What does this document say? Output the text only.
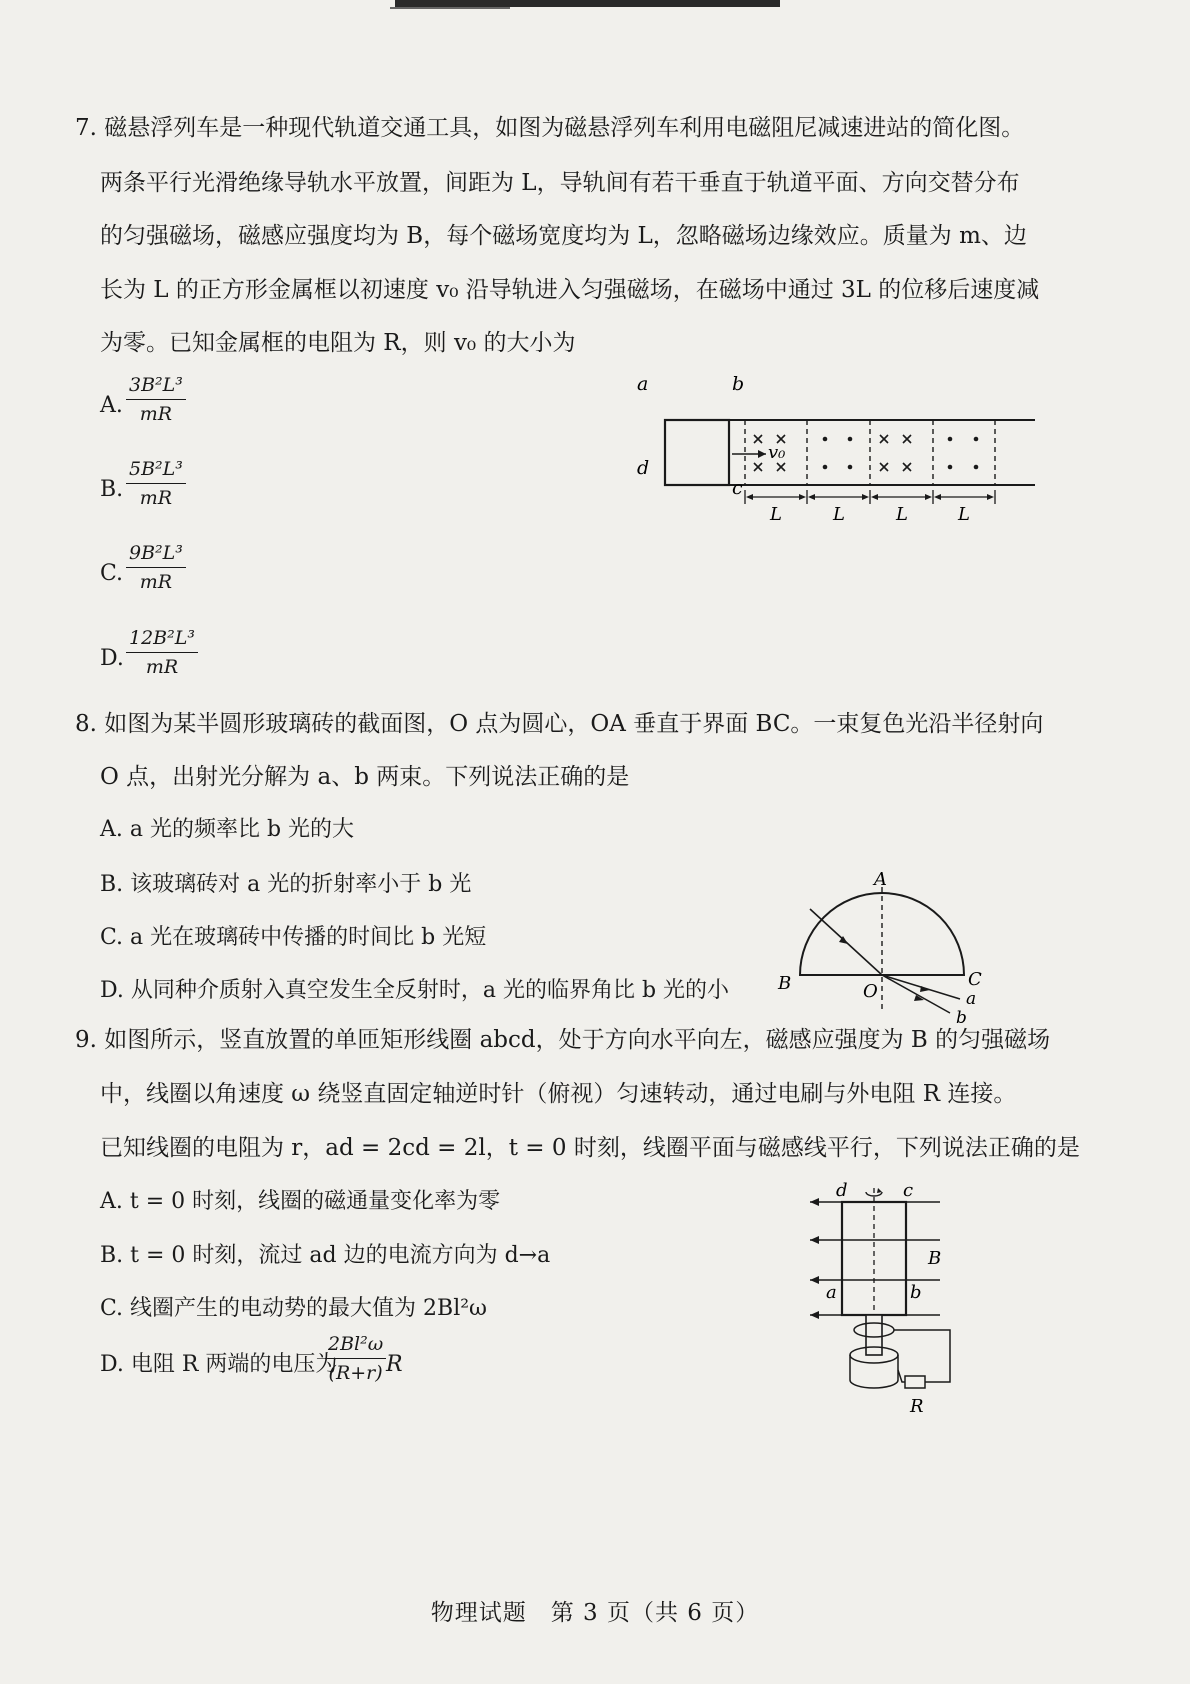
7. 磁悬浮列车是一种现代轨道交通工具，如图为磁悬浮列车利用电磁阻尼减速进站的简化图。
两条平行光滑绝缘导轨水平放置，间距为 L，导轨间有若干垂直于轨道平面、方向交替分布
的匀强磁场，磁感应强度均为 B，每个磁场宽度均为 L，忽略磁场边缘效应。质量为 m、边
长为 L 的正方形金属框以初速度 v₀ 沿导轨进入匀强磁场，在磁场中通过 3L 的位移后速度减
为零。已知金属框的电阻为 R，则 v₀ 的大小为
A. $\frac{\text{3B²L³}}{mR}$
B. $\frac{\text{5B²L³}}{mR}$
C. $\frac{\text{9B²L³}}{mR}$
D. $\frac{\text{12B²L³}}{mR}$
v₀
a	b
c
d
L	L	L	L
8. 如图为某半圆形玻璃砖的截面图，O 点为圆心，OA 垂直于界面 BC。一束复色光沿半径射向
O 点，出射光分解为 a、b 两束。下列说法正确的是
A. a 光的频率比 b 光的大
B. 该玻璃砖对 a 光的折射率小于 b 光
C. a 光在玻璃砖中传播的时间比 b 光短
D. 从同种介质射入真空发生全反射时，a 光的临界角比 b 光的小
A
B	C
O	a
b
9. 如图所示，竖直放置的单匝矩形线圈 abcd，处于方向水平向左，磁感应强度为 B 的匀强磁场
中，线圈以角速度 ω 绕竖直固定轴逆时针（俯视）匀速转动，通过电刷与外电阻 R 连接。
已知线圈的电阻为 r，ad = 2cd = 2l，t = 0 时刻，线圈平面与磁感线平行，下列说法正确的是
A. t = 0 时刻，线圈的磁通量变化率为零
B. t = 0 时刻，流过 ad 边的电流方向为 d→a
C. 线圈产生的电动势的最大值为 2Bl²ω
D. 电阻 R 两端的电压为
$\frac{\text{2Bl²ω}}{(R+r)}$ R
d	c
a	b
B
R
物理试题　第 3 页（共 6 页）
